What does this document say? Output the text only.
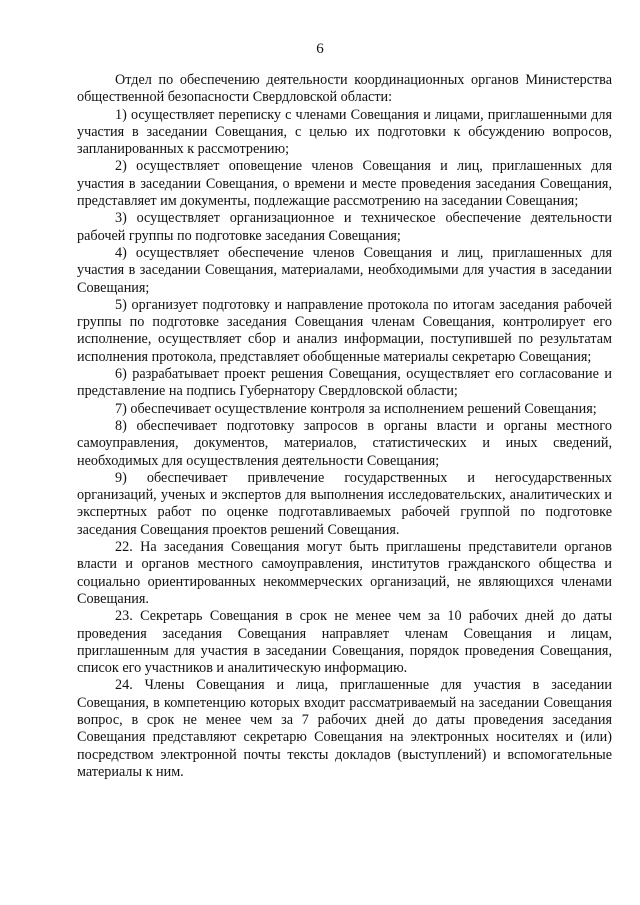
6

Отдел по обеспечению деятельности координационных органов Министерства общественной безопасности Свердловской области:

1) осуществляет переписку с членами Совещания и лицами, приглашенными для участия в заседании Совещания, с целью их подготовки к обсуждению вопросов, запланированных к рассмотрению;

2) осуществляет оповещение членов Совещания и лиц, приглашенных для участия в заседании Совещания, о времени и месте проведения заседания Совещания, представляет им документы, подлежащие рассмотрению на заседании Совещания;

3) осуществляет организационное и техническое обеспечение деятельности рабочей группы по подготовке заседания Совещания;

4) осуществляет обеспечение членов Совещания и лиц, приглашенных для участия в заседании Совещания, материалами, необходимыми для участия в заседании Совещания;

5) организует подготовку и направление протокола по итогам заседания рабочей группы по подготовке заседания Совещания членам Совещания, контролирует его исполнение, осуществляет сбор и анализ информации, поступившей по результатам исполнения протокола, представляет обобщенные материалы секретарю Совещания;

6) разрабатывает проект решения Совещания, осуществляет его согласование и представление на подпись Губернатору Свердловской области;

7) обеспечивает осуществление контроля за исполнением решений Совещания;

8) обеспечивает подготовку запросов в органы власти и органы местного самоуправления, документов, материалов, статистических и иных сведений, необходимых для осуществления деятельности Совещания;

9) обеспечивает привлечение государственных и негосударственных организаций, ученых и экспертов для выполнения исследовательских, аналитических и экспертных работ по оценке подготавливаемых рабочей группой по подготовке заседания Совещания проектов решений Совещания.

22. На заседания Совещания могут быть приглашены представители органов власти и органов местного самоуправления, институтов гражданского общества и социально ориентированных некоммерческих организаций, не являющихся членами Совещания.

23. Секретарь Совещания в срок не менее чем за 10 рабочих дней до даты проведения заседания Совещания направляет членам Совещания и лицам, приглашенным для участия в заседании Совещания, порядок проведения Совещания, список его участников и аналитическую информацию.

24. Члены Совещания и лица, приглашенные для участия в заседании Совещания, в компетенцию которых входит рассматриваемый на заседании Совещания вопрос, в срок не менее чем за 7 рабочих дней до даты проведения заседания Совещания представляют секретарю Совещания на электронных носителях и (или) посредством электронной почты тексты докладов (выступлений) и вспомогательные материалы к ним.
